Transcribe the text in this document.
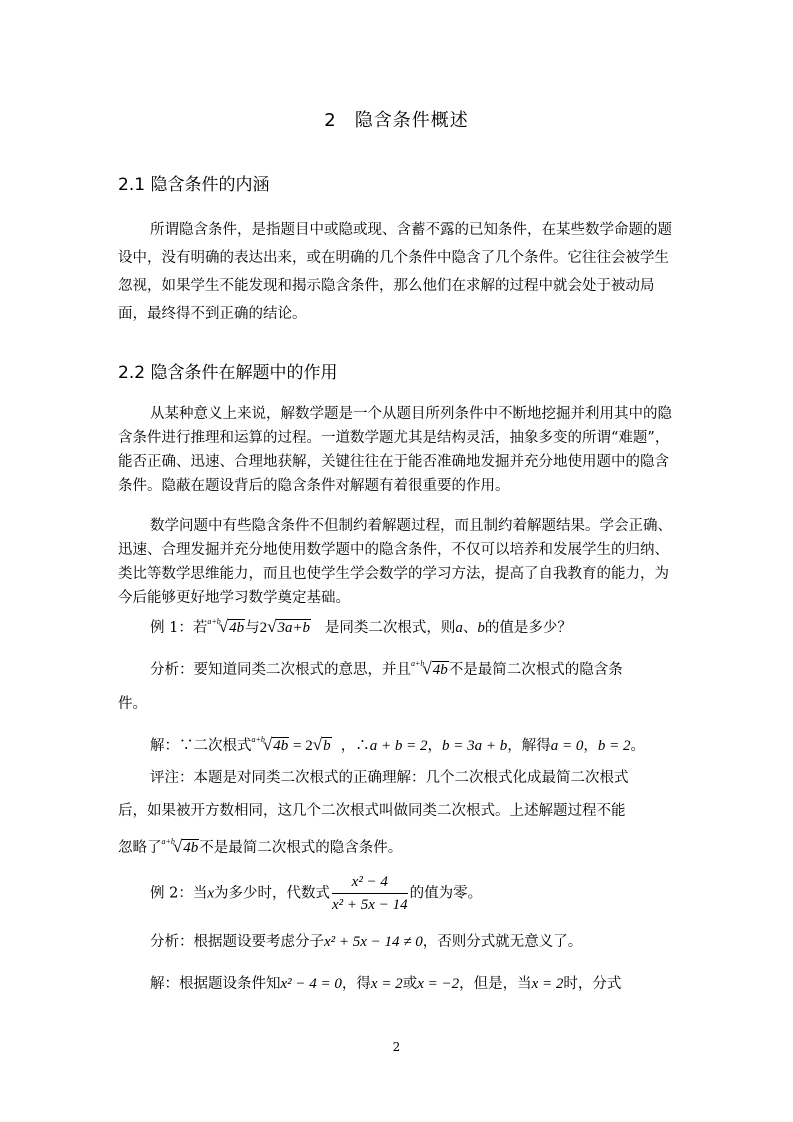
2 隐含条件概述
2.1 隐含条件的内涵
所谓隐含条件，是指题目中或隐或现、含蓄不露的已知条件，在某些数学命题的题设中，没有明确的表达出来，或在明确的几个条件中隐含了几个条件。它往往会被学生忽视，如果学生不能发现和揭示隐含条件，那么他们在求解的过程中就会处于被动局面，最终得不到正确的结论。
2.2 隐含条件在解题中的作用
从某种意义上来说，解数学题是一个从题目所列条件中不断地挖掘并利用其中的隐含条件进行推理和运算的过程。一道数学题尤其是结构灵活，抽象多变的所谓“难题”，能否正确、迅速、合理地获解，关键往往在于能否准确地发掘并充分地使用题中的隐含条件。隐蔽在题设背后的隐含条件对解题有着很重要的作用。
数学问题中有些隐含条件不但制约着解题过程，而且制约着解题结果。学会正确、迅速、合理发掘并充分地使用数学题中的隐含条件，不仅可以培养和发展学生的归纳、类比等数学思维能力，而且也使学生学会数学的学习方法，提高了自我教育的能力，为今后能够更好地学习数学奠定基础。
例 1：若$^{a+b}$√4b与2√3a+b 是同类二次根式，则a、b的值是多少？
分析：要知道同类二次根式的意思，并且$^{a+b}$√4b不是最简二次根式的隐含条
件。
解：∵二次根式$^{a+b}$√4b = 2√b ，∴a + b = 2，b = 3a + b，解得a = 0，b = 2。
评注：本题是对同类二次根式的正确理解：几个二次根式化成最简二次根式
后，如果被开方数相同，这几个二次根式叫做同类二次根式。上述解题过程不能
忽略了$^{a+b}$√4b不是最简二次根式的隐含条件。
例 2：当x为多少时，代数式 $\frac{\text{x² − 4}}{\text{x² + 5x − 14}}$ 的值为零。
分析：根据题设要考虑分子x² + 5x − 14 ≠ 0，否则分式就无意义了。
解：根据题设条件知x² − 4 = 0，得x = 2或x = −2，但是，当x = 2时，分式
2
